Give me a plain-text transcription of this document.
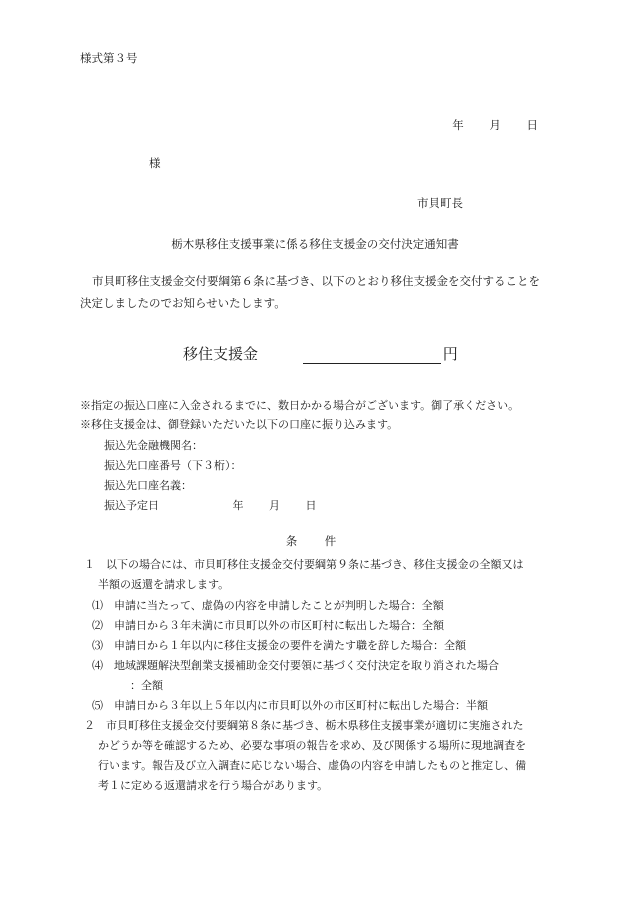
様式第３号
年 月 日
様
市貝町長
栃木県移住支援事業に係る移住支援金の交付決定通知書
市貝町移住支援金交付要綱第６条に基づき、以下のとおり移住支援金を交付することを決定しましたのでお知らせいたします。
移住支援金	円
※指定の振込口座に入金されるまでに、数日かかる場合がございます。御了承ください。
※移住支援金は、御登録いただいた以下の口座に振り込みます。
振込先金融機関名：
振込先口座番号（下３桁）：
振込先口座名義：
振込予定日	年 月 日
条　件
１　以下の場合には、市貝町移住支援金交付要綱第９条に基づき、移住支援金の全額又は
半額の返還を請求します。
⑴　申請に当たって、虚偽の内容を申請したことが判明した場合：全額
⑵　申請日から３年未満に市貝町以外の市区町村に転出した場合：全額
⑶　申請日から１年以内に移住支援金の要件を満たす職を辞した場合：全額
⑷　地域課題解決型創業支援補助金交付要領に基づく交付決定を取り消された場合
：全額
⑸　申請日から３年以上５年以内に市貝町以外の市区町村に転出した場合：半額
２　市貝町移住支援金交付要綱第８条に基づき、栃木県移住支援事業が適切に実施された
かどうか等を確認するため、必要な事項の報告を求め、及び関係する場所に現地調査を
行います。報告及び立入調査に応じない場合、虚偽の内容を申請したものと推定し、備
考１に定める返還請求を行う場合があります。
